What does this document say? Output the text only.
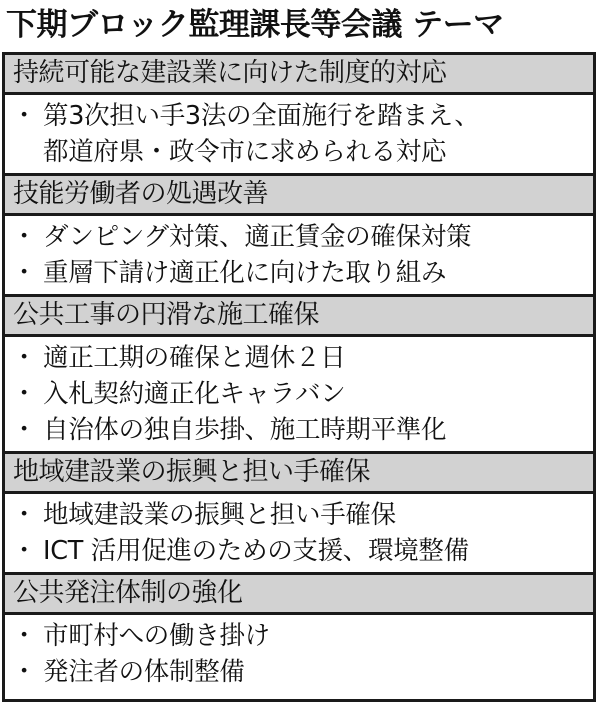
下期ブロック監理課長等会議 テーマ
持続可能な建設業に向けた制度的対応
・ 第3次担い手3法の全面施行を踏まえ、
都道府県・政令市に求められる対応
技能労働者の処遇改善
・ ダンピング対策、適正賃金の確保対策
・ 重層下請け適正化に向けた取り組み
公共工事の円滑な施工確保
・ 適正工期の確保と週休２日
・ 入札契約適正化キャラバン
・ 自治体の独自歩掛、施工時期平準化
地域建設業の振興と担い手確保
・ 地域建設業の振興と担い手確保
・ ICT 活用促進のための支援、環境整備
公共発注体制の強化
・ 市町村への働き掛け
・ 発注者の体制整備
